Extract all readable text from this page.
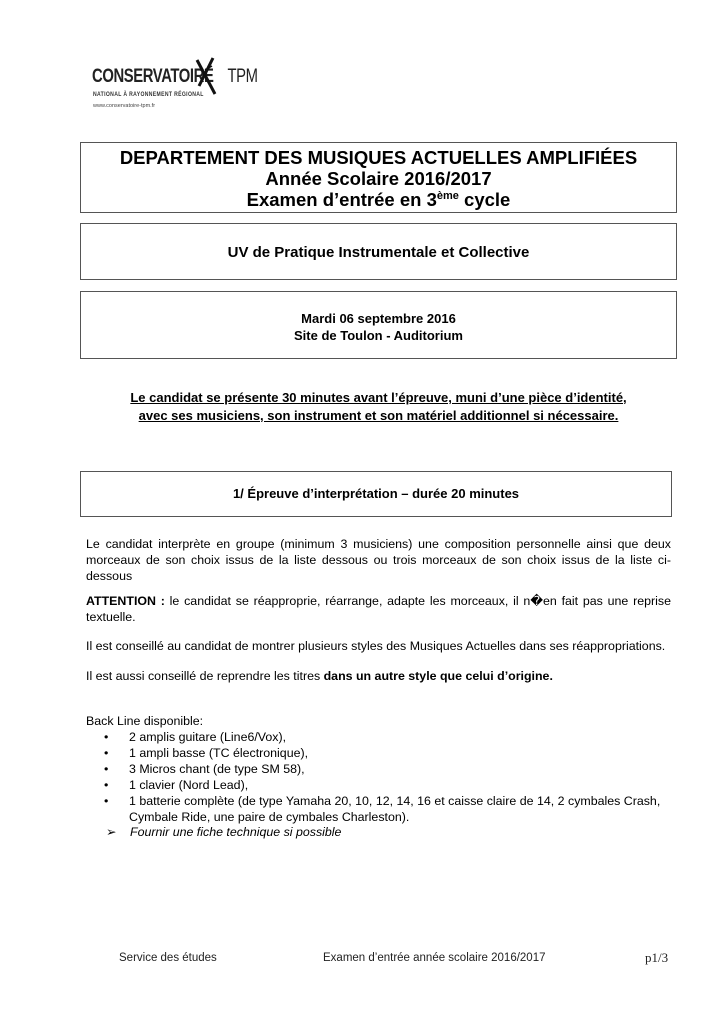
CONSERVATOIRE TPM
NATIONAL À RAYONNEMENT RÉGIONAL
www.conservatoire-tpm.fr
DEPARTEMENT DES MUSIQUES ACTUELLES AMPLIFIÉES
Année Scolaire 2016/2017
Examen d’entrée en 3ème cycle
UV de Pratique Instrumentale et Collective
Mardi 06 septembre 2016
Site de Toulon - Auditorium
Le candidat se présente 30 minutes avant l’épreuve, muni d’une pièce d’identité,
avec ses musiciens, son instrument et son matériel additionnel si nécessaire.
1/ Épreuve d’interprétation – durée 20 minutes
Le candidat interprète en groupe (minimum 3 musiciens) une composition personnelle ainsi que deux morceaux de son choix issus de la liste dessous ou trois morceaux de son choix issus de la liste ci-dessous
ATTENTION : le candidat se réapproprie, réarrange, adapte les morceaux, il n�en fait pas une reprise textuelle.
Il est conseillé au candidat de montrer plusieurs styles des Musiques Actuelles dans ses réappropriations.
Il est aussi conseillé de reprendre les titres dans un autre style que celui d’origine.
Back Line disponible:
• 2 amplis guitare (Line6/Vox),
• 1 ampli basse (TC électronique),
• 3 Micros chant (de type SM 58),
• 1 clavier (Nord Lead),
• 1 batterie complète (de type Yamaha 20, 10, 12, 14, 16 et caisse claire de 14, 2 cymbales Crash, Cymbale Ride, une paire de cymbales Charleston).
➢ Fournir une fiche technique si possible
Service des études	Examen d’entrée année scolaire 2016/2017	p1/3
